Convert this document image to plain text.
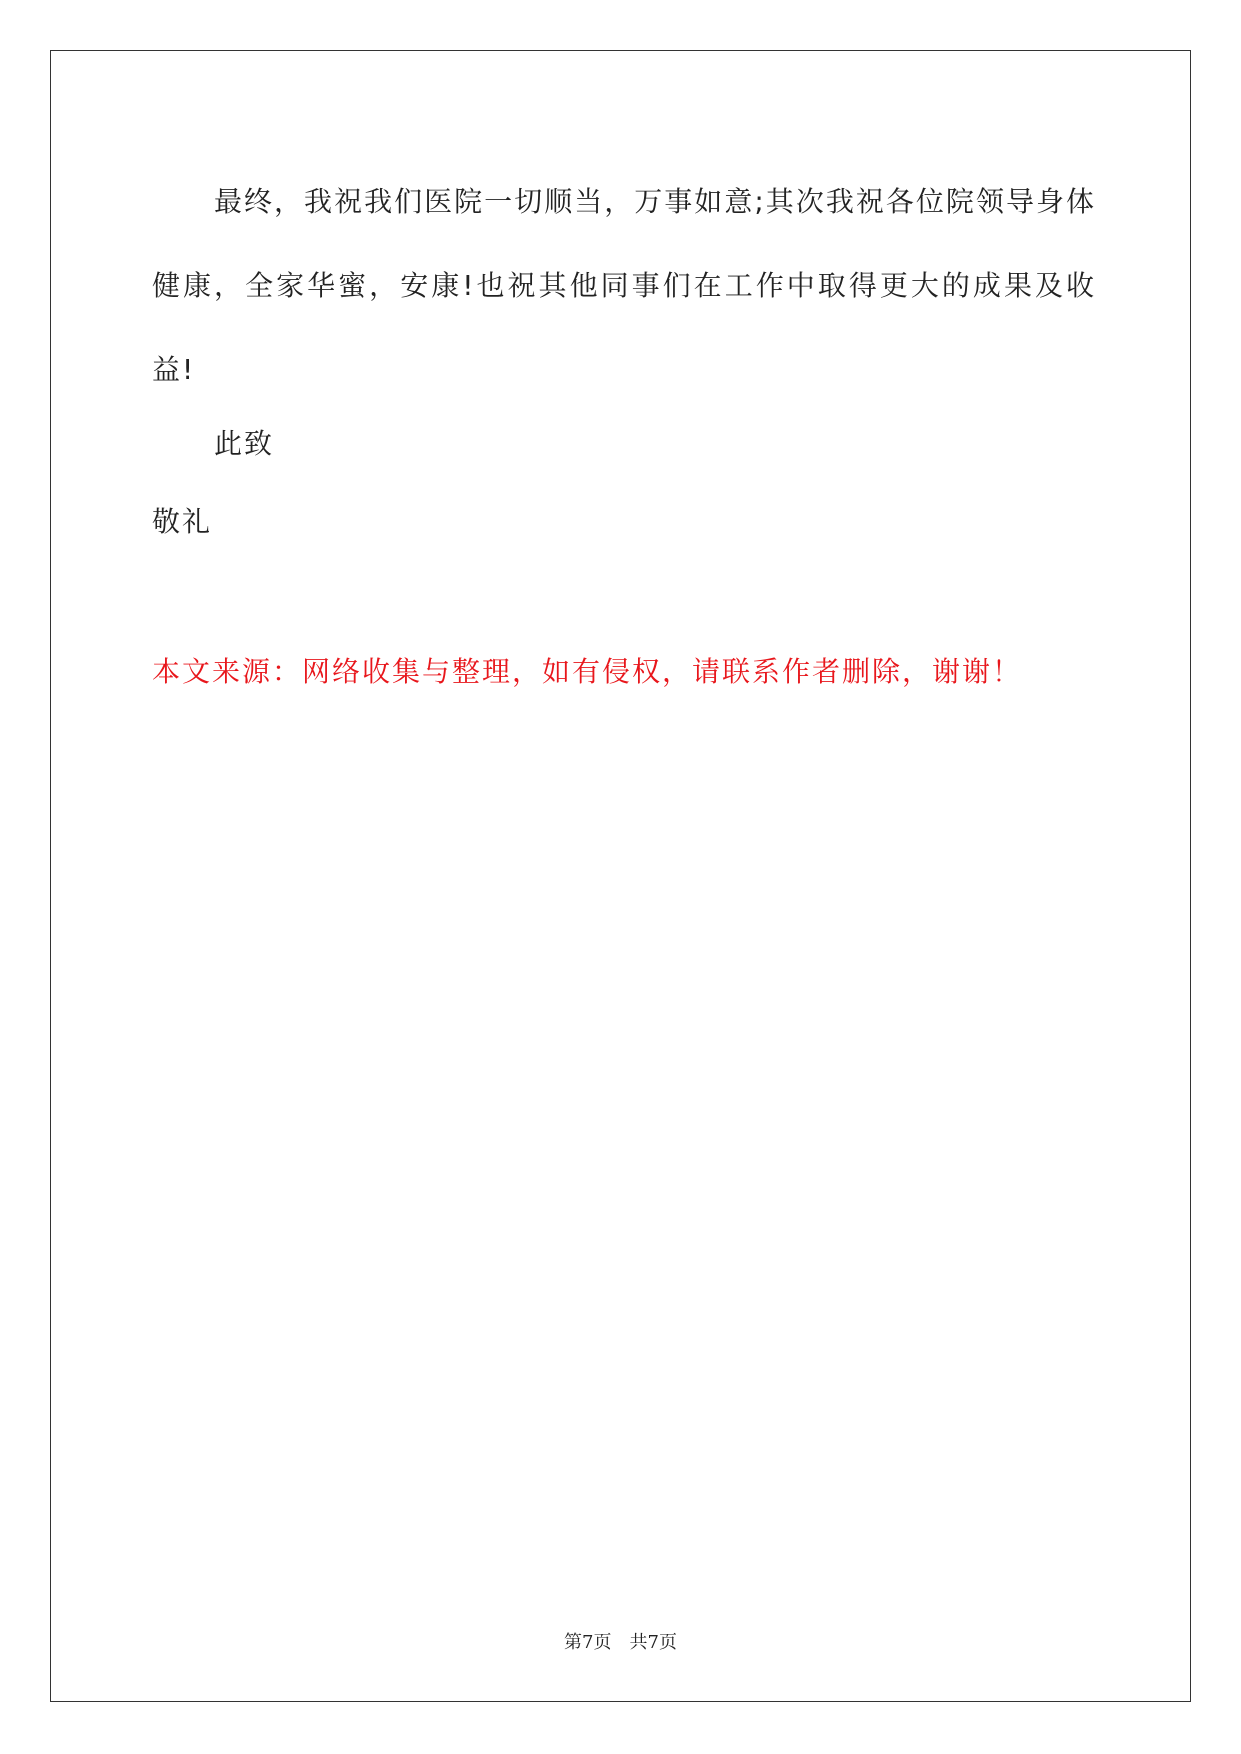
最终，我祝我们医院一切顺当，万事如意;其次我祝各位院领导身体健康，全家华蜜，安康!也祝其他同事们在工作中取得更大的成果及收益!

此致

敬礼

本文来源：网络收集与整理，如有侵权，请联系作者删除，谢谢！

第7页 共7页
